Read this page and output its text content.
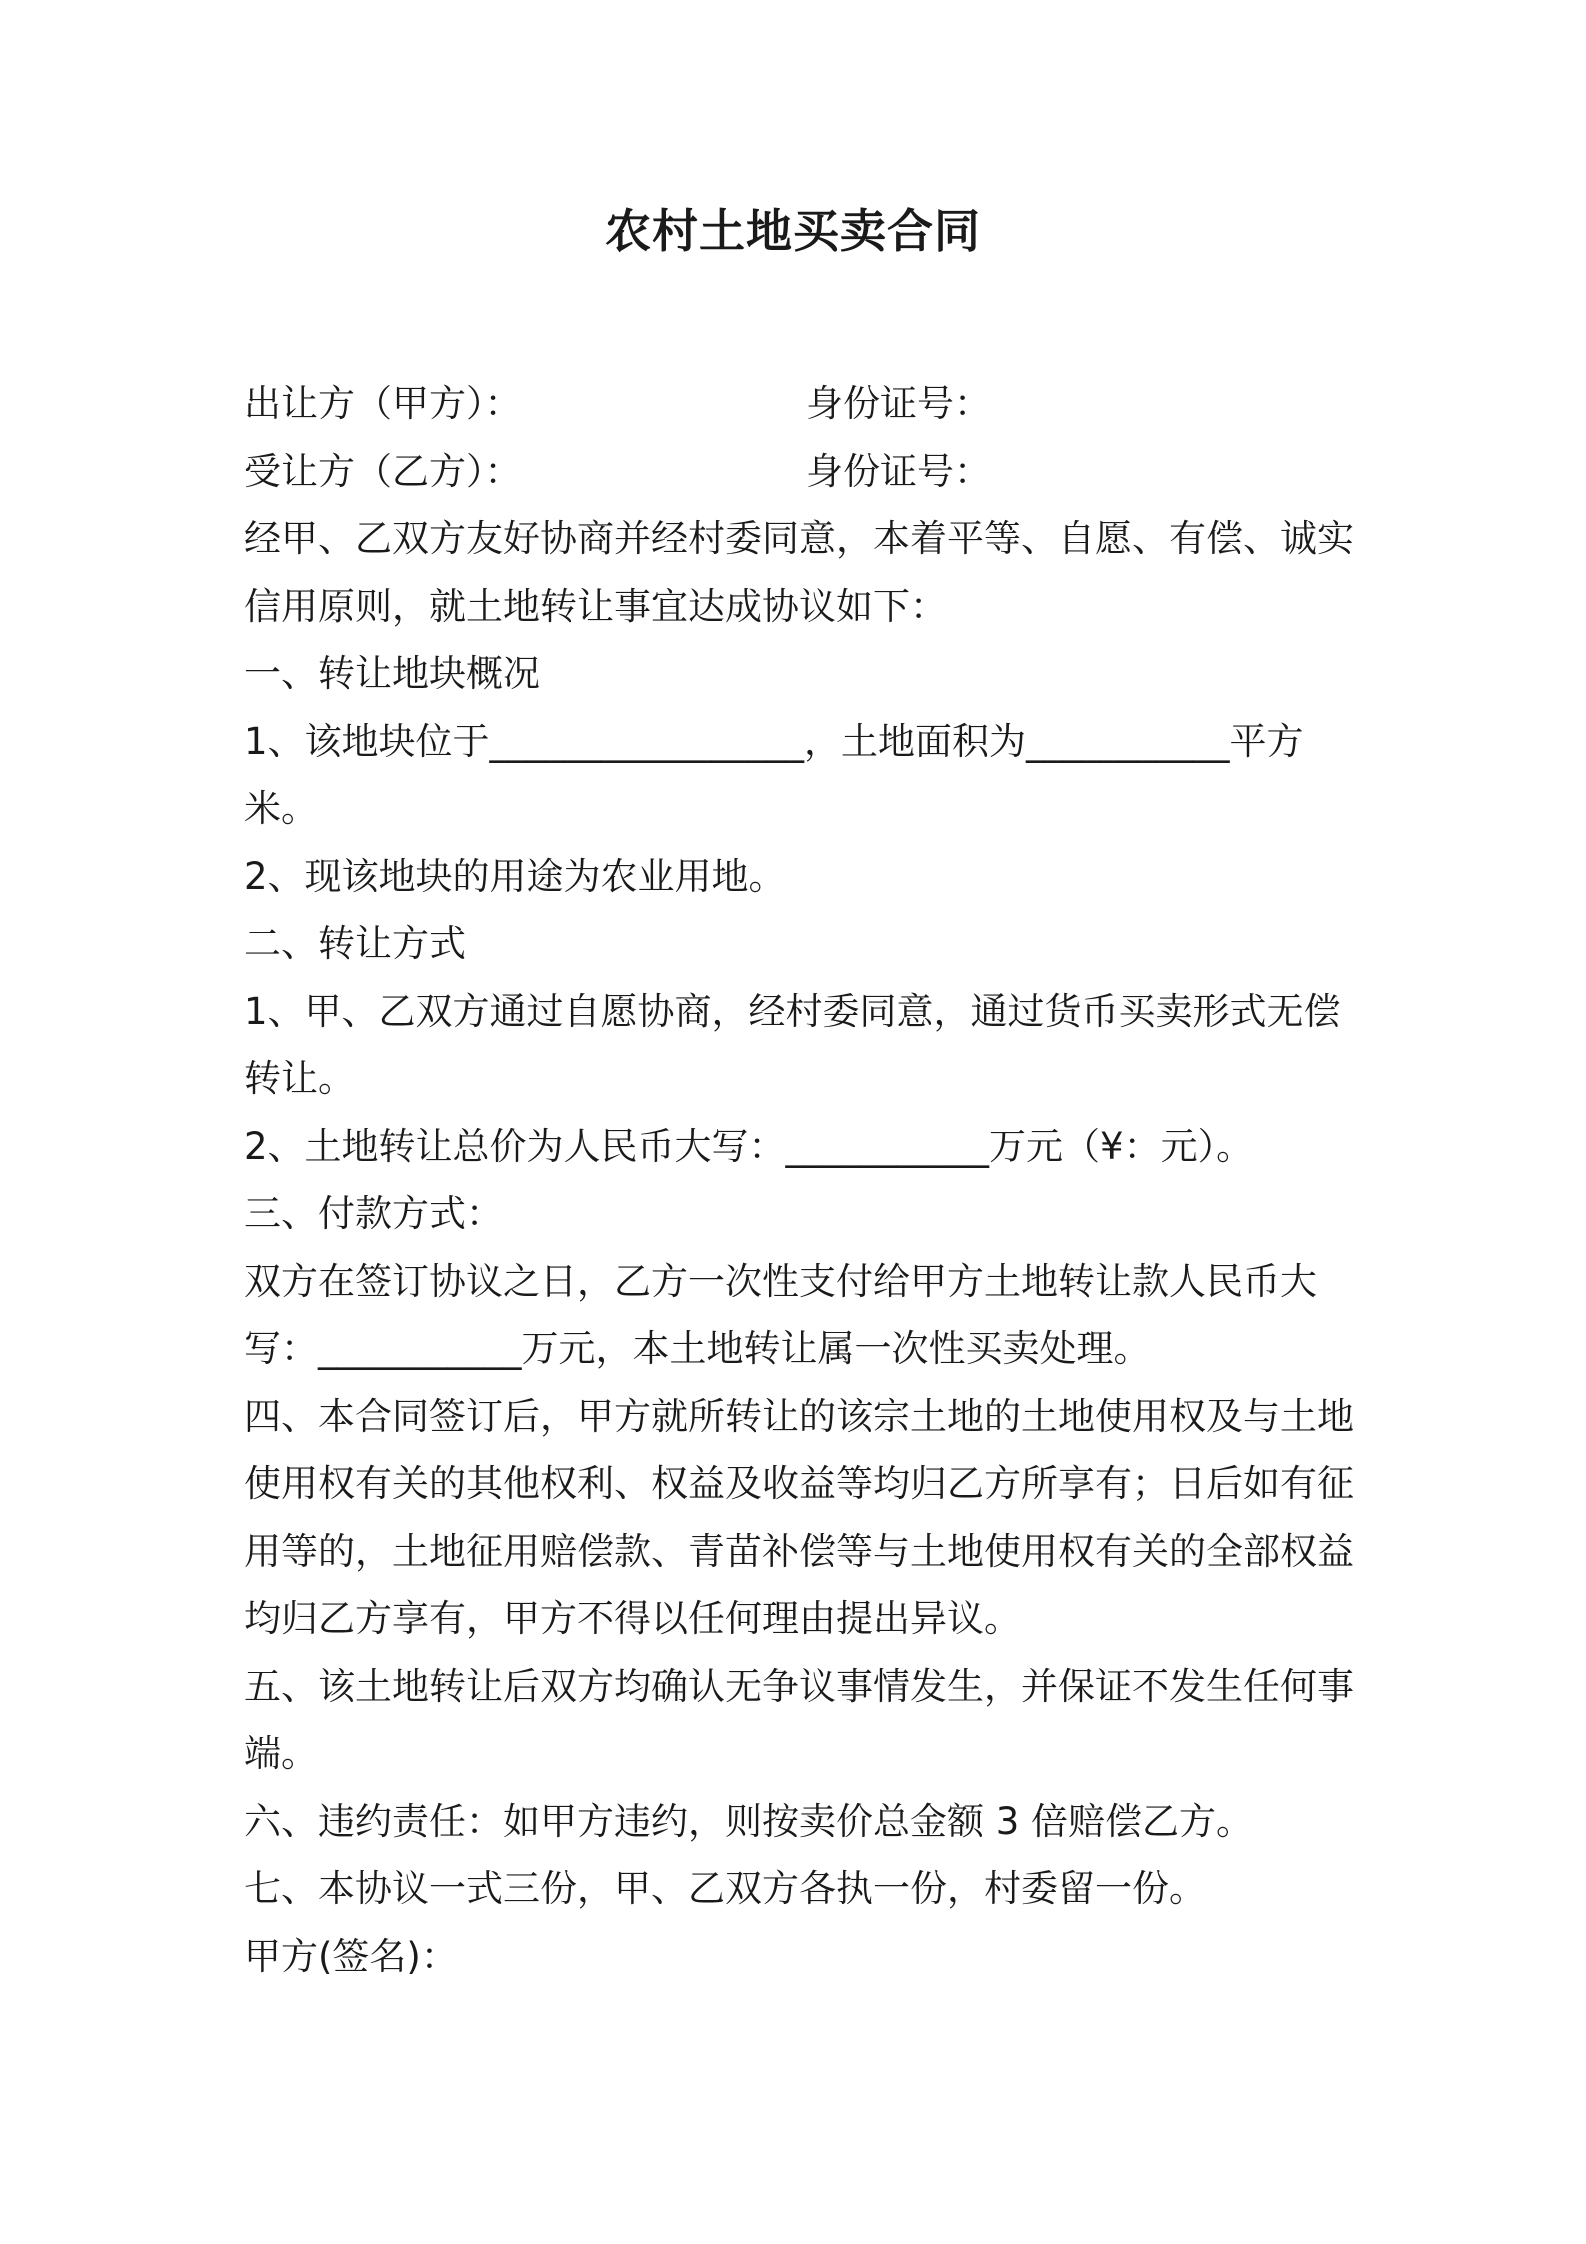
农村土地买卖合同
出让方（甲方）：	身份证号：
受让方（乙方）：	身份证号：
经甲、乙双方友好协商并经村委同意，本着平等、自愿、有偿、诚实
信用原则，就土地转让事宜达成协议如下：
一、转让地块概况
1、该地块位于_________________，土地面积为___________平方
米。
2、现该地块的用途为农业用地。
二、转让方式
1、甲、乙双方通过自愿协商，经村委同意，通过货币买卖形式无偿
转让。
2、土地转让总价为人民币大写：___________万元（¥：元）。
三、付款方式：
双方在签订协议之日，乙方一次性支付给甲方土地转让款人民币大
写：___________万元，本土地转让属一次性买卖处理。
四、本合同签订后，甲方就所转让的该宗土地的土地使用权及与土地
使用权有关的其他权利、权益及收益等均归乙方所享有；日后如有征
用等的，土地征用赔偿款、青苗补偿等与土地使用权有关的全部权益
均归乙方享有，甲方不得以任何理由提出异议。
五、该土地转让后双方均确认无争议事情发生，并保证不发生任何事
端。
六、违约责任：如甲方违约，则按卖价总金额 3 倍赔偿乙方。
七、本协议一式三份，甲、乙双方各执一份，村委留一份。
甲方(签名)：
